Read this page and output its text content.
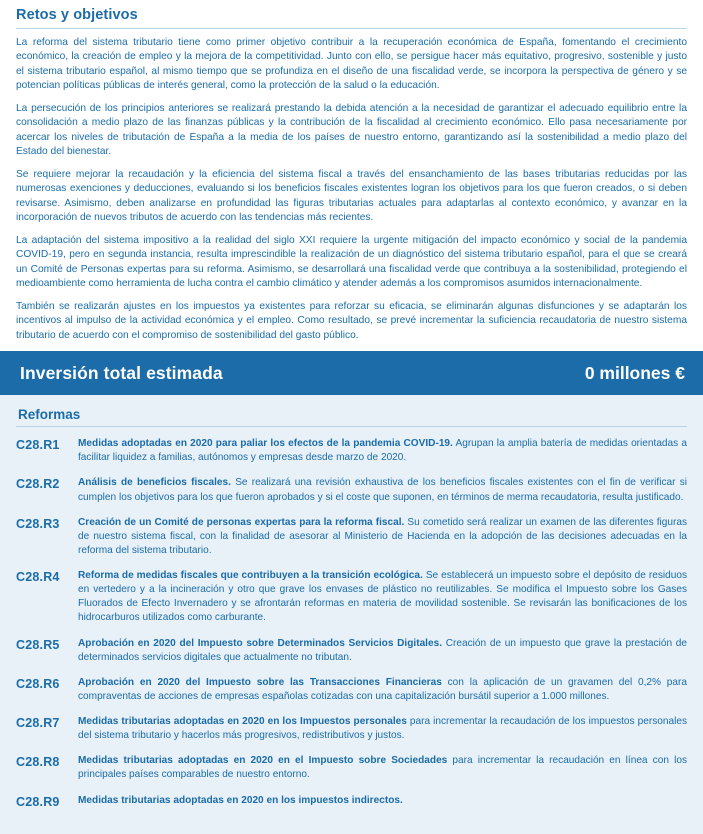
Retos y objetivos

La reforma del sistema tributario tiene como primer objetivo contribuir a la recuperación económica de España, fomentando el crecimiento económico, la creación de empleo y la mejora de la competitividad. Junto con ello, se persigue hacer más equitativo, progresivo, sostenible y justo el sistema tributario español, al mismo tiempo que se profundiza en el diseño de una fiscalidad verde, se incorpora la perspectiva de género y se potencian políticas públicas de interés general, como la protección de la salud o la educación.

La persecución de los principios anteriores se realizará prestando la debida atención a la necesidad de garantizar el adecuado equilibrio entre la consolidación a medio plazo de las finanzas públicas y la contribución de la fiscalidad al crecimiento económico. Ello pasa necesariamente por acercar los niveles de tributación de España a la media de los países de nuestro entorno, garantizando así la sostenibilidad a medio plazo del Estado del bienestar.

Se requiere mejorar la recaudación y la eficiencia del sistema fiscal a través del ensanchamiento de las bases tributarias reducidas por las numerosas exenciones y deducciones, evaluando si los beneficios fiscales existentes logran los objetivos para los que fueron creados, o si deben revisarse. Asimismo, deben analizarse en profundidad las figuras tributarias actuales para adaptarlas al contexto económico, y avanzar en la incorporación de nuevos tributos de acuerdo con las tendencias más recientes.

La adaptación del sistema impositivo a la realidad del siglo XXI requiere la urgente mitigación del impacto económico y social de la pandemia COVID-19, pero en segunda instancia, resulta imprescindible la realización de un diagnóstico del sistema tributario español, para el que se creará un Comité de Personas expertas para su reforma. Asimismo, se desarrollará una fiscalidad verde que contribuya a la sostenibilidad, protegiendo el medioambiente como herramienta de lucha contra el cambio climático y atender además a los compromisos asumidos internacionalmente.

También se realizarán ajustes en los impuestos ya existentes para reforzar su eficacia, se eliminarán algunas disfunciones y se adaptarán los incentivos al impulso de la actividad económica y el empleo. Como resultado, se prevé incrementar la suficiencia recaudatoria de nuestro sistema tributario de acuerdo con el compromiso de sostenibilidad del gasto público.

Inversión total estimada	0 millones €
Reformas
C28.R1	Medidas adoptadas en 2020 para paliar los efectos de la pandemia COVID-19. Agrupan la amplia batería de medidas orientadas a facilitar liquidez a familias, autónomos y empresas desde marzo de 2020.
C28.R2	Análisis de beneficios fiscales. Se realizará una revisión exhaustiva de los beneficios fiscales existentes con el fin de verificar si cumplen los objetivos para los que fueron aprobados y si el coste que suponen, en términos de merma recaudatoria, resulta justificado.
C28.R3	Creación de un Comité de personas expertas para la reforma fiscal. Su cometido será realizar un examen de las diferentes figuras de nuestro sistema fiscal, con la finalidad de asesorar al Ministerio de Hacienda en la adopción de las decisiones adecuadas en la reforma del sistema tributario.
C28.R4	Reforma de medidas fiscales que contribuyen a la transición ecológica. Se establecerá un impuesto sobre el depósito de residuos en vertedero y a la incineración y otro que grave los envases de plástico no reutilizables. Se modifica el Impuesto sobre los Gases Fluorados de Efecto Invernadero y se afrontarán reformas en materia de movilidad sostenible. Se revisarán las bonificaciones de los hidrocarburos utilizados como carburante.
C28.R5	Aprobación en 2020 del Impuesto sobre Determinados Servicios Digitales. Creación de un impuesto que grave la prestación de determinados servicios digitales que actualmente no tributan.
C28.R6	Aprobación en 2020 del Impuesto sobre las Transacciones Financieras con la aplicación de un gravamen del 0,2% para compraventas de acciones de empresas españolas cotizadas con una capitalización bursátil superior a 1.000 millones.
C28.R7	Medidas tributarias adoptadas en 2020 en los Impuestos personales para incrementar la recaudación de los impuestos personales del sistema tributario y hacerlos más progresivos, redistributivos y justos.
C28.R8	Medidas tributarias adoptadas en 2020 en el Impuesto sobre Sociedades para incrementar la recaudación en línea con los principales países comparables de nuestro entorno.
C28.R9	Medidas tributarias adoptadas en 2020 en los impuestos indirectos.
